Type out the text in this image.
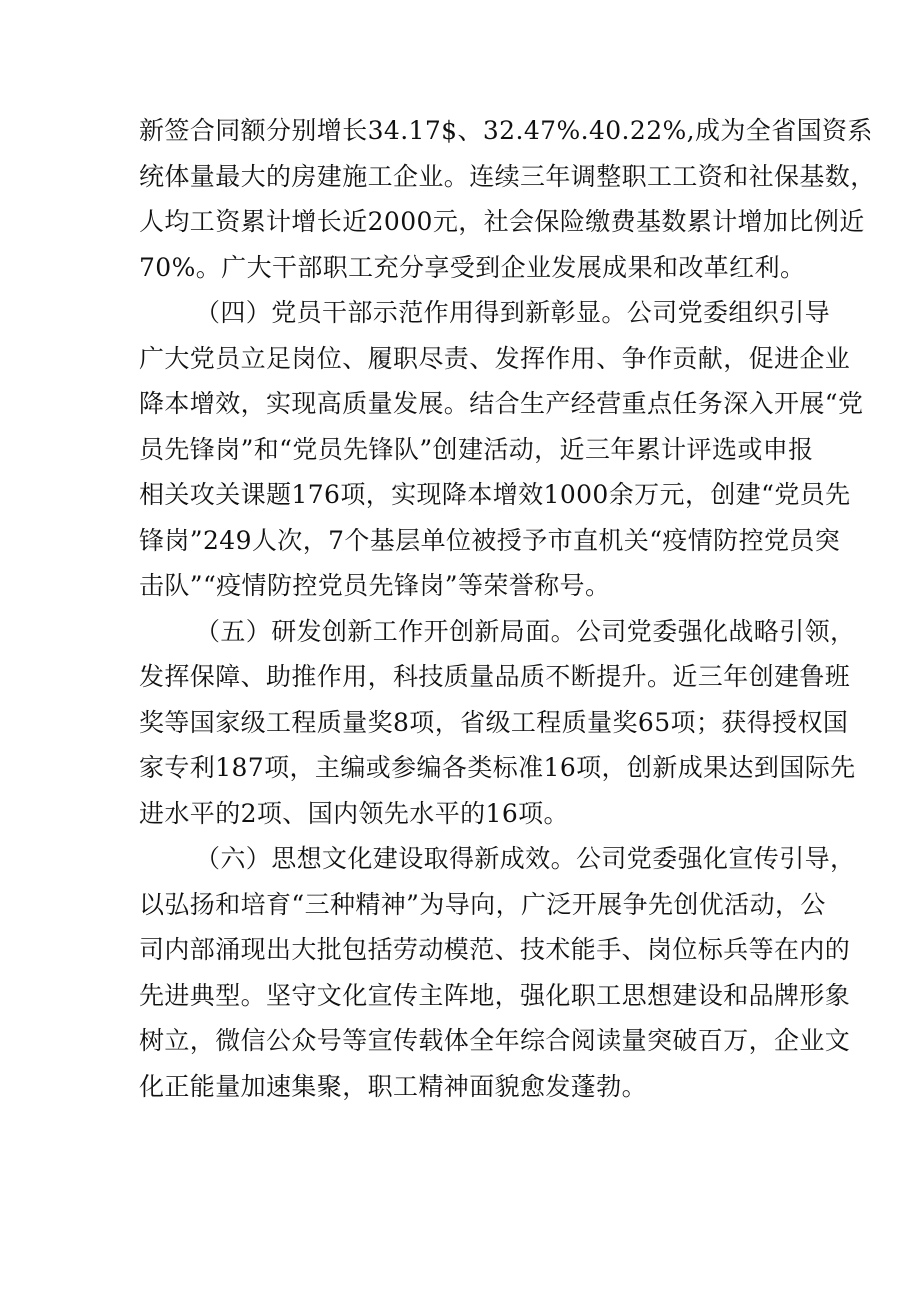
新签合同额分别增长34.17$、32.47%.40.22%,成为全省国资系
统体量最大的房建施工企业。连续三年调整职工工资和社保基数，
人均工资累计增长近2000元，社会保险缴费基数累计增加比例近
70%。广大干部职工充分享受到企业发展成果和改革红利。
（四）党员干部示范作用得到新彰显。公司党委组织引导
广大党员立足岗位、履职尽责、发挥作用、争作贡献，促进企业
降本增效，实现高质量发展。结合生产经营重点任务深入开展“党
员先锋岗”和“党员先锋队”创建活动，近三年累计评选或申报
相关攻关课题176项，实现降本增效1000余万元，创建“党员先
锋岗”249人次，7个基层单位被授予市直机关“疫情防控党员突
击队”“疫情防控党员先锋岗”等荣誉称号。
（五）研发创新工作开创新局面。公司党委强化战略引领，
发挥保障、助推作用，科技质量品质不断提升。近三年创建鲁班
奖等国家级工程质量奖8项，省级工程质量奖65项；获得授权国
家专利187项，主编或参编各类标准16项，创新成果达到国际先
进水平的2项、国内领先水平的16项。
（六）思想文化建设取得新成效。公司党委强化宣传引导，
以弘扬和培育“三种精神”为导向，广泛开展争先创优活动，公
司内部涌现出大批包括劳动模范、技术能手、岗位标兵等在内的
先进典型。坚守文化宣传主阵地，强化职工思想建设和品牌形象
树立，微信公众号等宣传载体全年综合阅读量突破百万，企业文
化正能量加速集聚，职工精神面貌愈发蓬勃。
